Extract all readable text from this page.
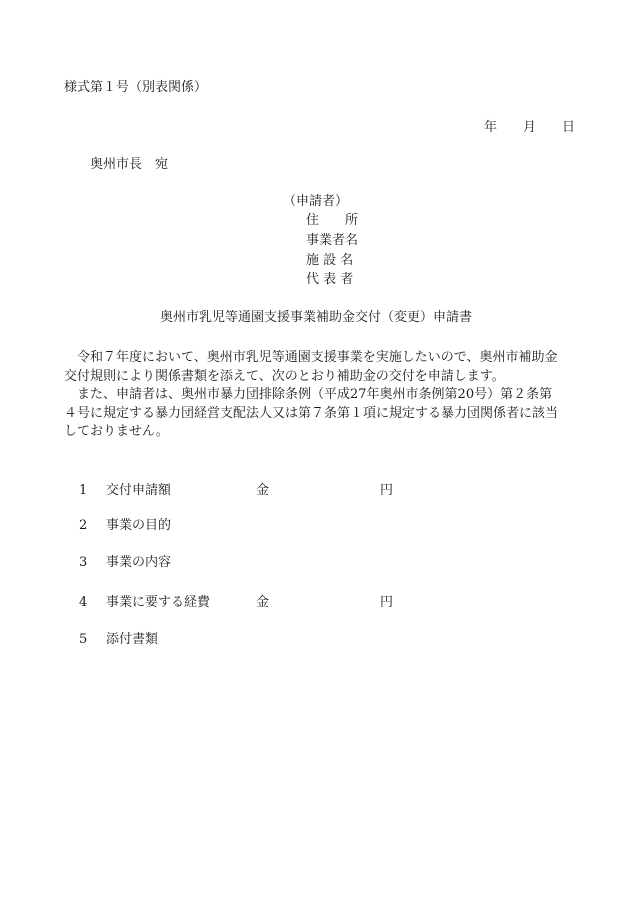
様式第１号（別表関係）
年 月 日
奥州市長　宛
（申請者）
住　　所
事業者名
施 設 名
代 表 者
奥州市乳児等通園支援事業補助金交付（変更）申請書

令和７年度において、奥州市乳児等通園支援事業を実施したいので、奥州市補助金交付規則により関係書類を添えて、次のとおり補助金の交付を申請します。

また、申請者は、奥州市暴力団排除条例（平成27年奥州市条例第20号）第２条第４号に規定する暴力団経営支配法人又は第７条第１項に規定する暴力団関係者に該当しておりません。

1 交付申請額	金	円
2 事業の目的
3 事業の内容
4 事業に要する経費	金	円
5 添付書類
